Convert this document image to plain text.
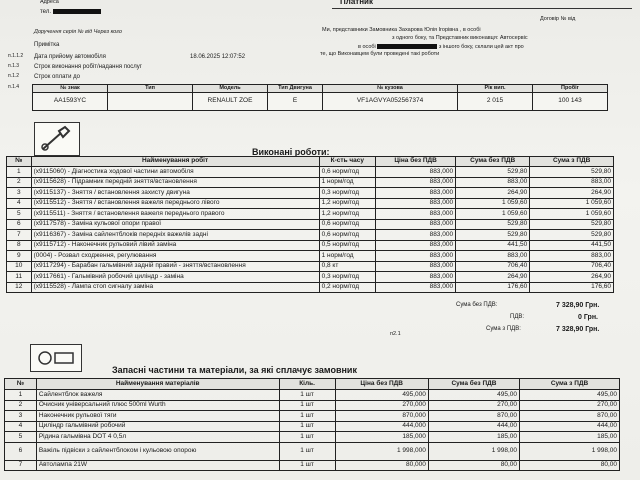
Адреса
тел.
Платник
Доручення серія № від Через кого
Примітка
п.1.1.2 Дата прийому автомобіля	18.06.2025 12:07:52
п.1.3 Строк виконання робіт/надання послуг
п.1.2 Строк оплати до
п.1.4
Договір № від
Ми, представники Замовника Захарова Юлія Ігорівна , в особі
з одного боку, та Представник виконавця: Автосервіс
в особі	з іншого боку, склали цей акт про
те, що Виконавцем були проведені такі роботи
№ знак	Тип	Модель	Тип Двигуна	№ кузова	Рік вип.	Пробіг
AA1593YC		RENAULT ZOE	E	VF1AGVYA052567374	2 015	100 143
Виконані роботи:
№	Найменування робіт	К-сть часу	Ціна без ПДВ	Сума без ПДВ	Сума з ПДВ
1	(x9115060) - Діагностика ходової частини автомобіля	0,6 норм/год	883,000	529,80	529,80
2	(x9115628) - Підрамник передній зняття/встановлення	1 норм/год	883,000	883,00	883,00
3	(x9115137) - Зняття / встановлення захисту двигуна	0,3 норм/год	883,000	264,90	264,90
4	(x9115512) - Зняття / встановлення важеля переднього лівого	1,2 норм/год	883,000	1 059,60	1 059,60
5	(x9115511) - Зняття / встановлення важеля переднього правого	1,2 норм/год	883,000	1 059,60	1 059,60
6	(x9117578) - Заміна кульової опори правої	0,6 норм/год	883,000	529,80	529,80
7	(x9116367) - Заміна сайлентблоків передніх важелів задні	0,6 норм/год	883,000	529,80	529,80
8	(x9115712) - Наконечник рульовий лівий заміна	0,5 норм/год	883,000	441,50	441,50
9	(0004) - Розвал сходження, регулювання	1 норм/год	883,000	883,00	883,00
10	(x9117294) - Барабан гальмівний задній правий - зняття/встановлення	0,8 кт	883,000	706,40	706,40
11	(x9117661) - Гальмівний робочий циліндр - заміна	0,3 норм/год	883,000	264,90	264,90
12	(x9115528) - Лампа стоп сигналу заміна	0,2 норм/год	883,000	176,60	176,60
Сума без ПДВ:	7 328,90 Грн.
ПДВ:	0 Грн.
Сума з ПДВ:	7 328,90 Грн.
п2.1
Запасні частини та матеріали, за які сплачує замовник
№	Найменування матеріалів	Кіль.	Ціна без ПДВ	Сума без ПДВ	Сума з ПДВ
1	Сайлентблок важеля	1 шт	495,000	495,00	495,00
2	Очисник універсальний плюс 500ml Wurth	1 шт	270,000	270,00	270,00
3	Наконечник рульової тяги	1 шт	870,000	870,00	870,00
4	Циліндр гальмівний робочий	1 шт	444,000	444,00	444,00
5	Рідина гальмівна DOT 4 0,5л	1 шт	185,000	185,00	185,00
6	Важіль підвіски з сайлентблоком і кульовою опорою	1 шт	1 998,000	1 998,00	1 998,00
7	Автолампа 21W	1 шт	80,000	80,00	80,00
